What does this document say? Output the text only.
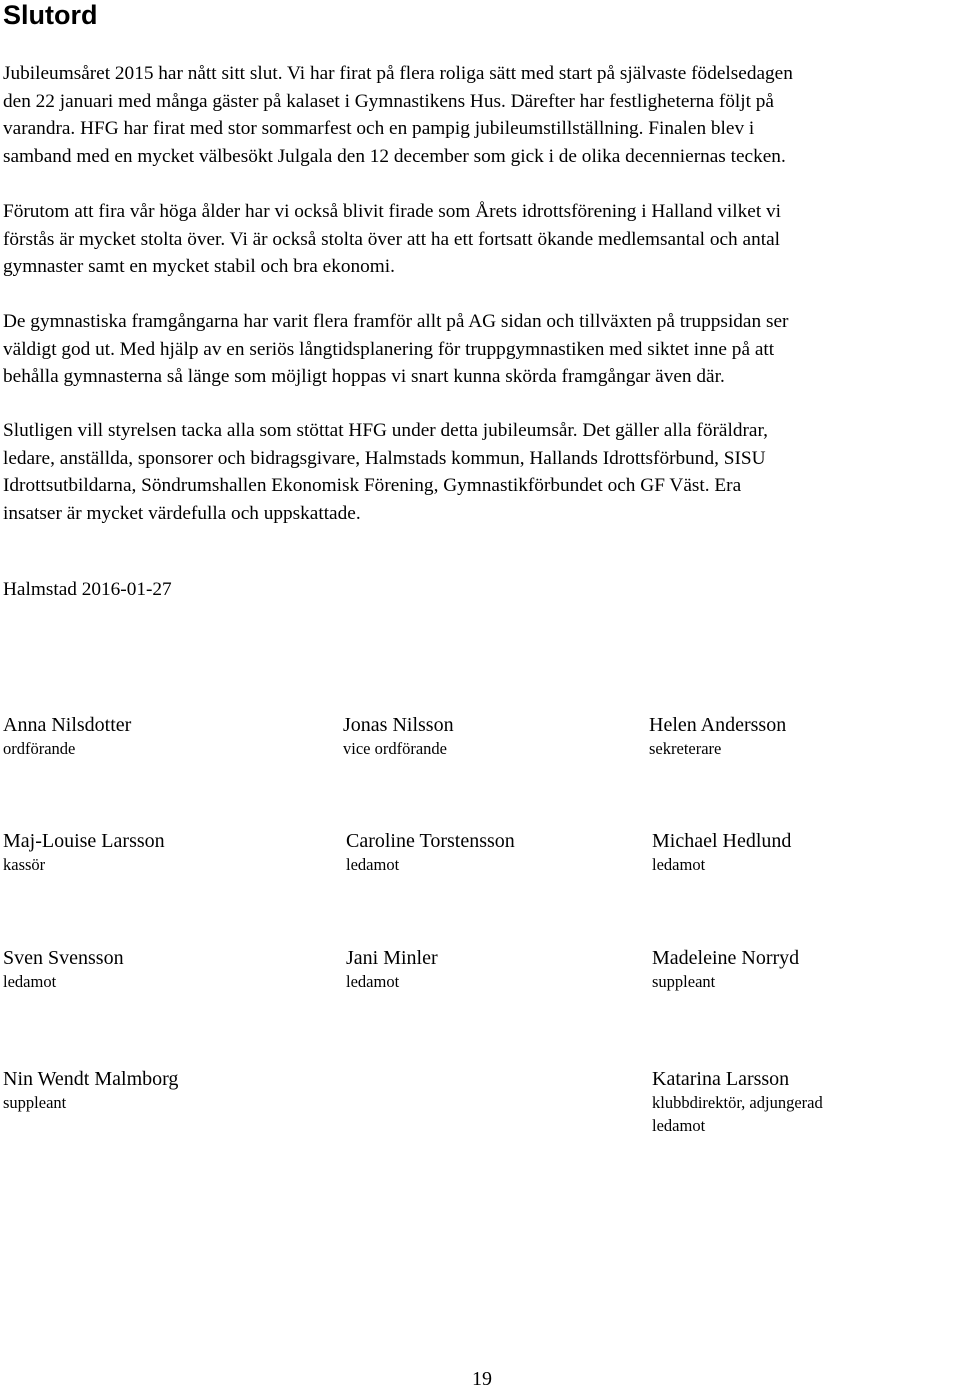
Slutord

Jubileumsåret 2015 har nått sitt slut. Vi har firat på flera roliga sätt med start på självaste födelsedagen
den 22 januari med många gäster på kalaset i Gymnastikens Hus. Därefter har festligheterna följt på
varandra. HFG har firat med stor sommarfest och en pampig jubileumstillställning. Finalen blev i
samband med en mycket välbesökt Julgala den 12 december som gick i de olika decenniernas tecken.

Förutom att fira vår höga ålder har vi också blivit firade som Årets idrottsförening i Halland vilket vi
förstås är mycket stolta över. Vi är också stolta över att ha ett fortsatt ökande medlemsantal och antal
gymnaster samt en mycket stabil och bra ekonomi.

De gymnastiska framgångarna har varit flera framför allt på AG sidan och tillväxten på truppsidan ser
väldigt god ut. Med hjälp av en seriös långtidsplanering för truppgymnastiken med siktet inne på att
behålla gymnasterna så länge som möjligt hoppas vi snart kunna skörda framgångar även där.

Slutligen vill styrelsen tacka alla som stöttat HFG under detta jubileumsår. Det gäller alla föräldrar,
ledare, anställda, sponsorer och bidragsgivare, Halmstads kommun, Hallands Idrottsförbund, SISU
Idrottsutbildarna, Söndrumshallen Ekonomisk Förening, Gymnastikförbundet och GF Väst. Era
insatser är mycket värdefulla och uppskattade.

Halmstad 2016-01-27
Anna Nilsdotter
ordförande
Jonas Nilsson
vice ordförande
Helen Andersson
sekreterare
Maj-Louise Larsson
kassör
Caroline Torstensson
ledamot
Michael Hedlund
ledamot
Sven Svensson
ledamot
Jani Minler
ledamot
Madeleine Norryd
suppleant
Nin Wendt Malmborg
suppleant
Katarina Larsson
klubbdirektör, adjungerad
ledamot
19
